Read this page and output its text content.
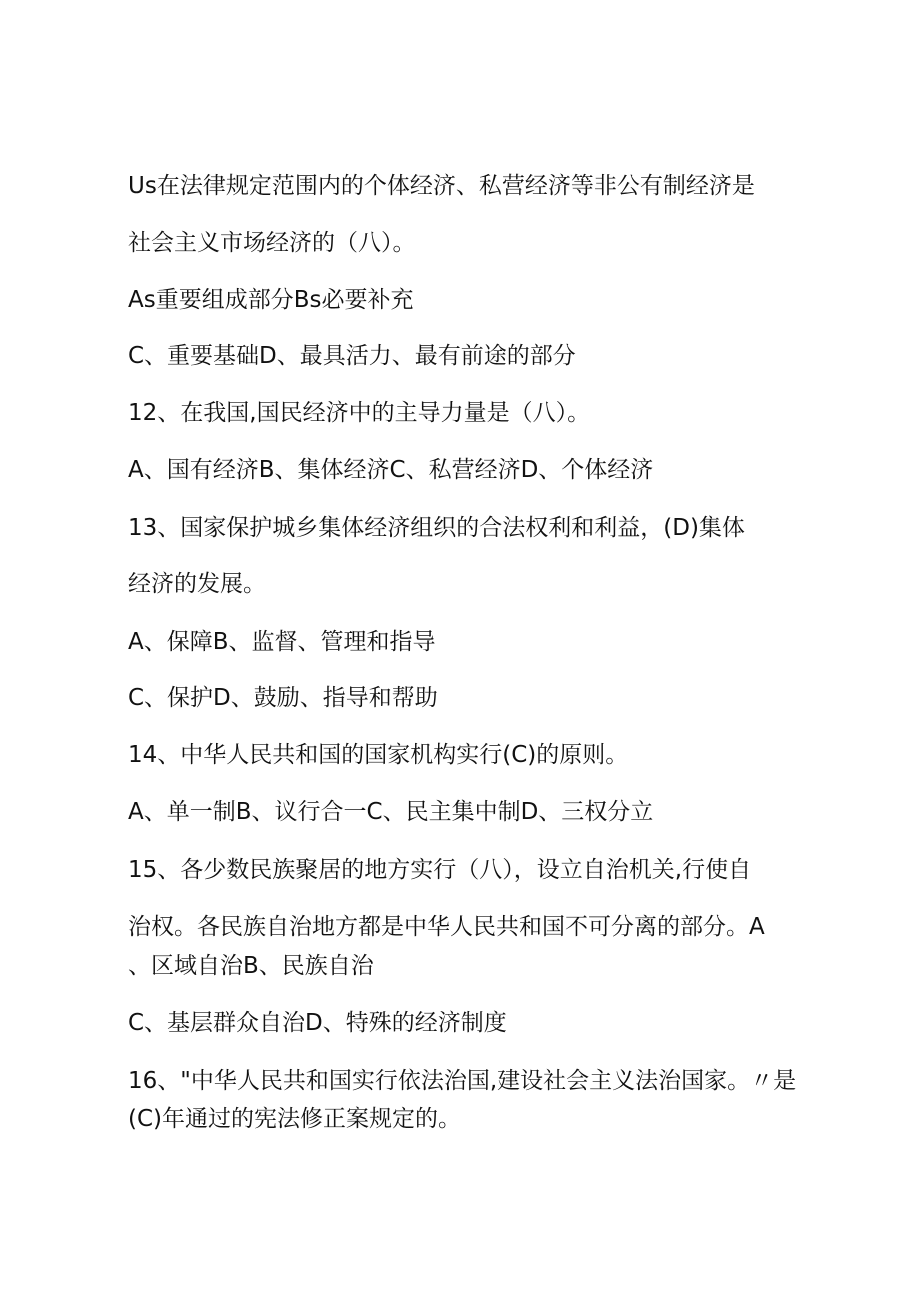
Us在法律规定范围内的个体经济、私营经济等非公有制经济是
社会主义市场经济的（八）。
As重要组成部分Bs必要补充
C、重要基础D、最具活力、最有前途的部分
12、在我国,国民经济中的主导力量是（八）。
A、国有经济B、集体经济C、私营经济D、个体经济
13、国家保护城乡集体经济组织的合法权利和利益，(D)集体
经济的发展。
A、保障B、监督、管理和指导
C、保护D、鼓励、指导和帮助
14、中华人民共和国的国家机构实行(C)的原则。
A、单一制B、议行合一C、民主集中制D、三权分立
15、各少数民族聚居的地方实行（八），设立自治机关,行使自
治权。各民族自治地方都是中华人民共和国不可分离的部分。A
、区域自治B、民族自治
C、基层群众自治D、特殊的经济制度
16、"中华人民共和国实行依法治国,建设社会主义法治国家。〃是
(C)年通过的宪法修正案规定的。
